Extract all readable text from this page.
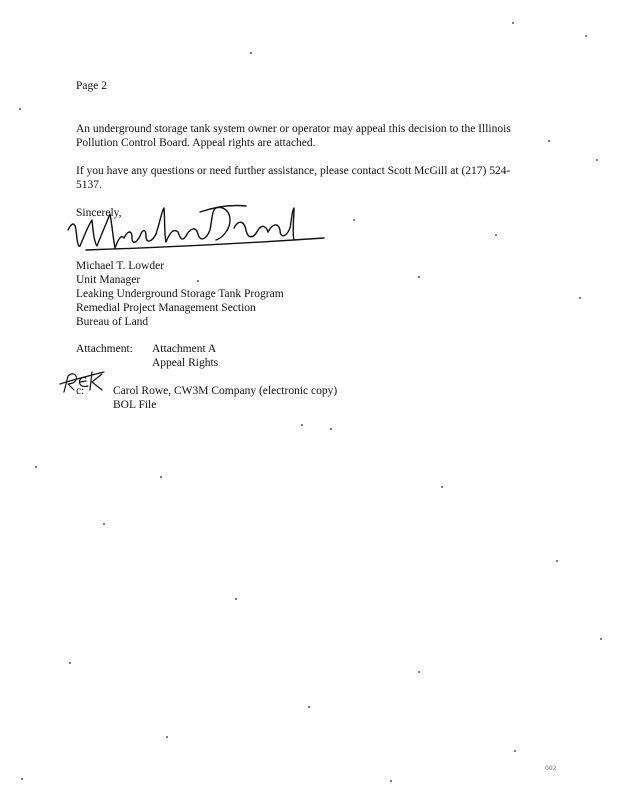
Page 2
An underground storage tank system owner or operator may appeal this decision to the Illinois
Pollution Control Board. Appeal rights are attached.
If you have any questions or need further assistance, please contact Scott McGill at (217) 524-
5137.
Sincerely,
Michael T. Lowder
Unit Manager
Leaking Underground Storage Tank Program
Remedial Project Management Section
Bureau of Land
Attachment: Attachment A
Appeal Rights
c: Carol Rowe, CW3M Company (electronic copy)
BOL File
002
